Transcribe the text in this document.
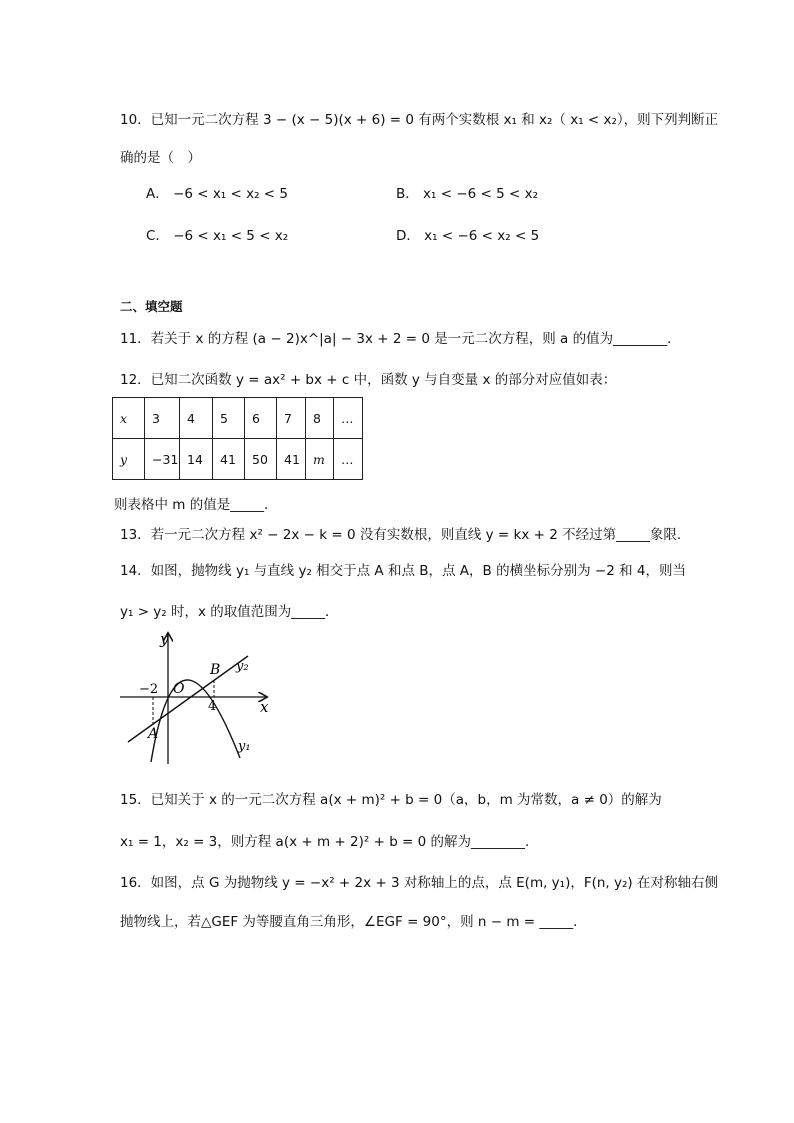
10．已知一元二次方程 3 − (x − 5)(x + 6) = 0 有两个实数根 x₁ 和 x₂（ x₁ < x₂），则下列判断正
确的是（　）
A． −6 < x₁ < x₂ < 5	B． x₁ < −6 < 5 < x₂
C． −6 < x₁ < 5 < x₂	D． x₁ < −6 < x₂ < 5
二、填空题
11．若关于 x 的方程 (a − 2)x^|a| − 3x + 2 = 0 是一元二次方程，则 a 的值为________．
12．已知二次函数 y = ax² + bx + c 中，函数 y 与自变量 x 的部分对应值如表：
x	3	4	5	6	7	8	…
y	−31	14	41	50	41	m	…
则表格中 m 的值是_____．
13．若一元二次方程 x² − 2x − k = 0 没有实数根，则直线 y = kx + 2 不经过第_____象限．
14．如图，抛物线 y₁ 与直线 y₂ 相交于点 A 和点 B，点 A，B 的横坐标分别为 −2 和 4，则当
y₁ > y₂ 时，x 的取值范围为_____．
y
x
O
−2
4
A
B y₂
y₁
15．已知关于 x 的一元二次方程 a(x + m)² + b = 0（a，b，m 为常数，a ≠ 0）的解为
x₁ = 1，x₂ = 3，则方程 a(x + m + 2)² + b = 0 的解为________．
16．如图，点 G 为抛物线 y = −x² + 2x + 3 对称轴上的点，点 E(m, y₁)，F(n, y₂) 在对称轴右侧
抛物线上，若△GEF 为等腰直角三角形，∠EGF = 90°，则 n − m = _____．
